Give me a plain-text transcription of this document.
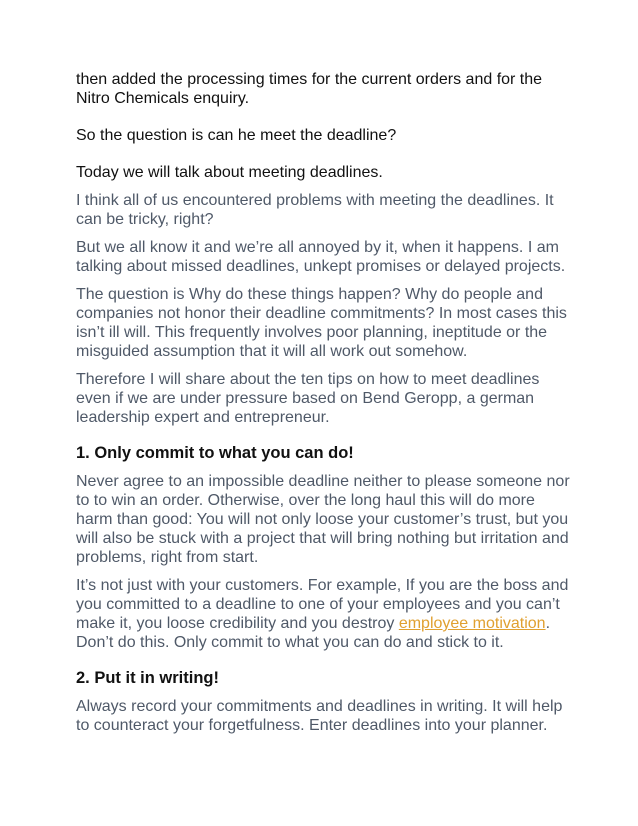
then added the processing times for the current orders and for the
Nitro Chemicals enquiry.

So the question is can he meet the deadline?

Today we will talk about meeting deadlines.

I think all of us encountered problems with meeting the deadlines. It
can be tricky, right?

But we all know it and we’re all annoyed by it, when it happens. I am
talking about missed deadlines, unkept promises or delayed projects.

The question is Why do these things happen? Why do people and
companies not honor their deadline commitments? In most cases this
isn’t ill will. This frequently involves poor planning, ineptitude or the
misguided assumption that it will all work out somehow.

Therefore I will share about the ten tips on how to meet deadlines
even if we are under pressure based on Bend Geropp, a german
leadership expert and entrepreneur.

1. Only commit to what you can do!

Never agree to an impossible deadline neither to please someone nor
to to win an order. Otherwise, over the long haul this will do more
harm than good: You will not only loose your customer’s trust, but you
will also be stuck with a project that will bring nothing but irritation and
problems, right from start.

It’s not just with your customers. For example, If you are the boss and
you committed to a deadline to one of your employees and you can’t
make it, you loose credibility and you destroy employee motivation.
Don’t do this. Only commit to what you can do and stick to it.

2. Put it in writing!

Always record your commitments and deadlines in writing. It will help
to counteract your forgetfulness. Enter deadlines into your planner.
